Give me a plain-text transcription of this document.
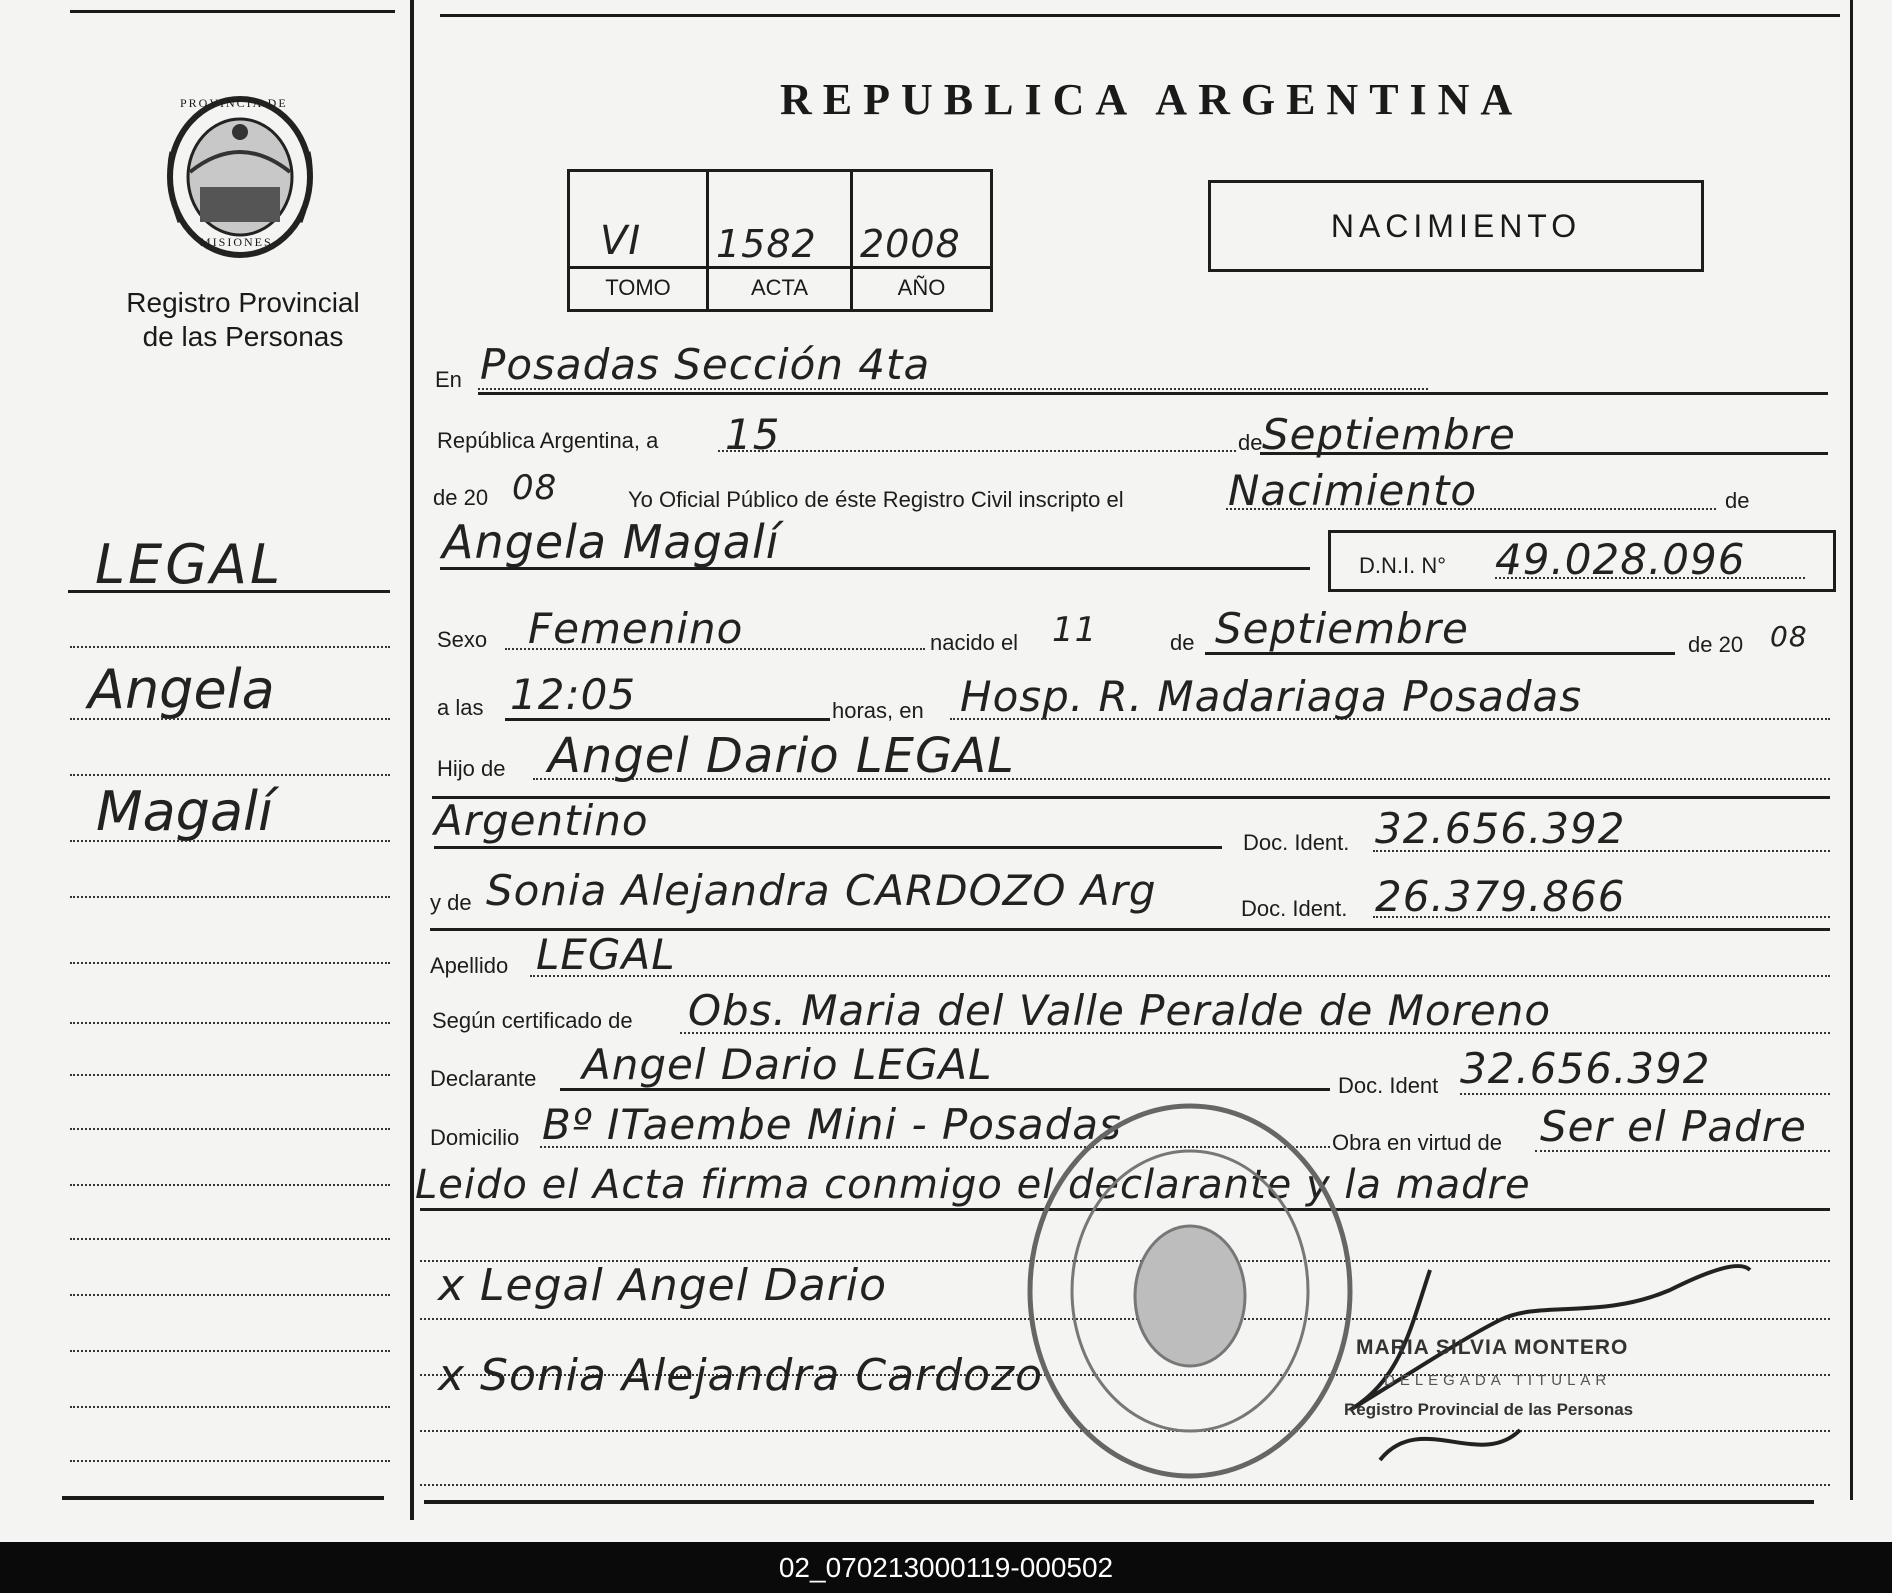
PROVINCIA DE
MISIONES
Registro Provincial
de las Personas
REPUBLICA ARGENTINA
VI 1582 2008
TOMO	ACTA	AÑO
NACIMIENTO
En Posadas Sección 4ta
República Argentina, a 15	de Septiembre
de 20 08	Yo Oficial Público de éste Registro Civil inscripto el Nacimiento	de
Angela Magalí	D.N.I. N° 49.028.096
Sexo Femenino	nacido el 11	de Septiembre	de 20 08
a las 12:05	horas, en Hosp. R. Madariaga Posadas
Hijo de Angel Dario LEGAL
Argentino	Doc. Ident. 32.656.392
y de Sonia Alejandra CARDOZO Arg	Doc. Ident. 26.379.866
Apellido LEGAL
Según certificado de Obs. Maria del Valle Peralde de Moreno
Declarante Angel Dario LEGAL	Doc. Ident 32.656.392
Domicilio Bº ITaembe Mini - Posadas	Obra en virtud de Ser el Padre
Leido el Acta firma conmigo el declarante y la madre
x Legal Angel Dario
x Sonia Alejandra Cardozo
MARIA SILVIA MONTERO
DELEGADA TITULAR
Registro Provincial de las Personas
LEGAL
Angela
Magalí
02_070213000119-000502
